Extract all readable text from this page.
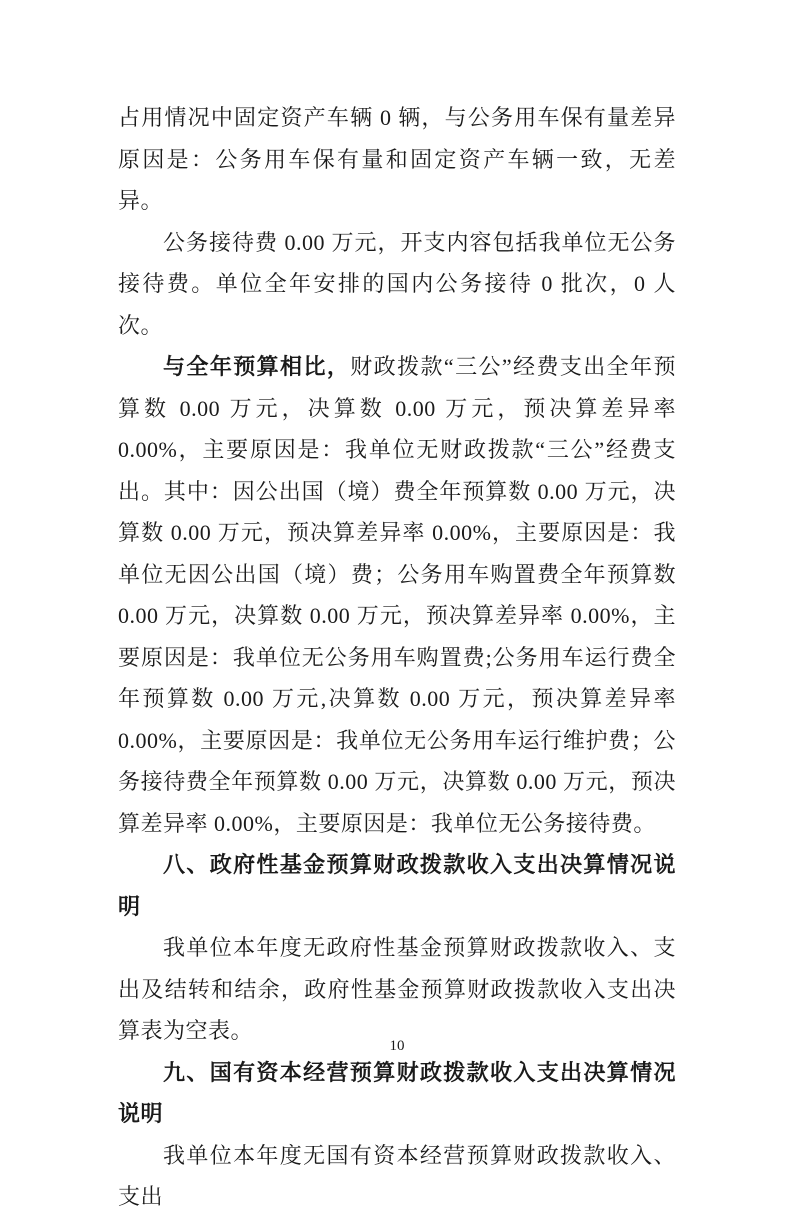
占用情况中固定资产车辆 0 辆，与公务用车保有量差异原因是：公务用车保有量和固定资产车辆一致，无差异。

公务接待费 0.00 万元，开支内容包括我单位无公务接待费。单位全年安排的国内公务接待 0 批次，0 人次。

与全年预算相比，财政拨款“三公”经费支出全年预算数 0.00 万元，决算数 0.00 万元，预决算差异率 0.00%，主要原因是：我单位无财政拨款“三公”经费支出。其中：因公出国（境）费全年预算数 0.00 万元，决算数 0.00 万元，预决算差异率 0.00%，主要原因是：我单位无因公出国（境）费；公务用车购置费全年预算数 0.00 万元，决算数 0.00 万元，预决算差异率 0.00%，主要原因是：我单位无公务用车购置费;公务用车运行费全年预算数 0.00 万元,决算数 0.00 万元，预决算差异率 0.00%，主要原因是：我单位无公务用车运行维护费；公务接待费全年预算数 0.00 万元，决算数 0.00 万元，预决算差异率 0.00%，主要原因是：我单位无公务接待费。

八、政府性基金预算财政拨款收入支出决算情况说明

我单位本年度无政府性基金预算财政拨款收入、支出及结转和结余，政府性基金预算财政拨款收入支出决算表为空表。

九、国有资本经营预算财政拨款收入支出决算情况说明

我单位本年度无国有资本经营预算财政拨款收入、支出

10
